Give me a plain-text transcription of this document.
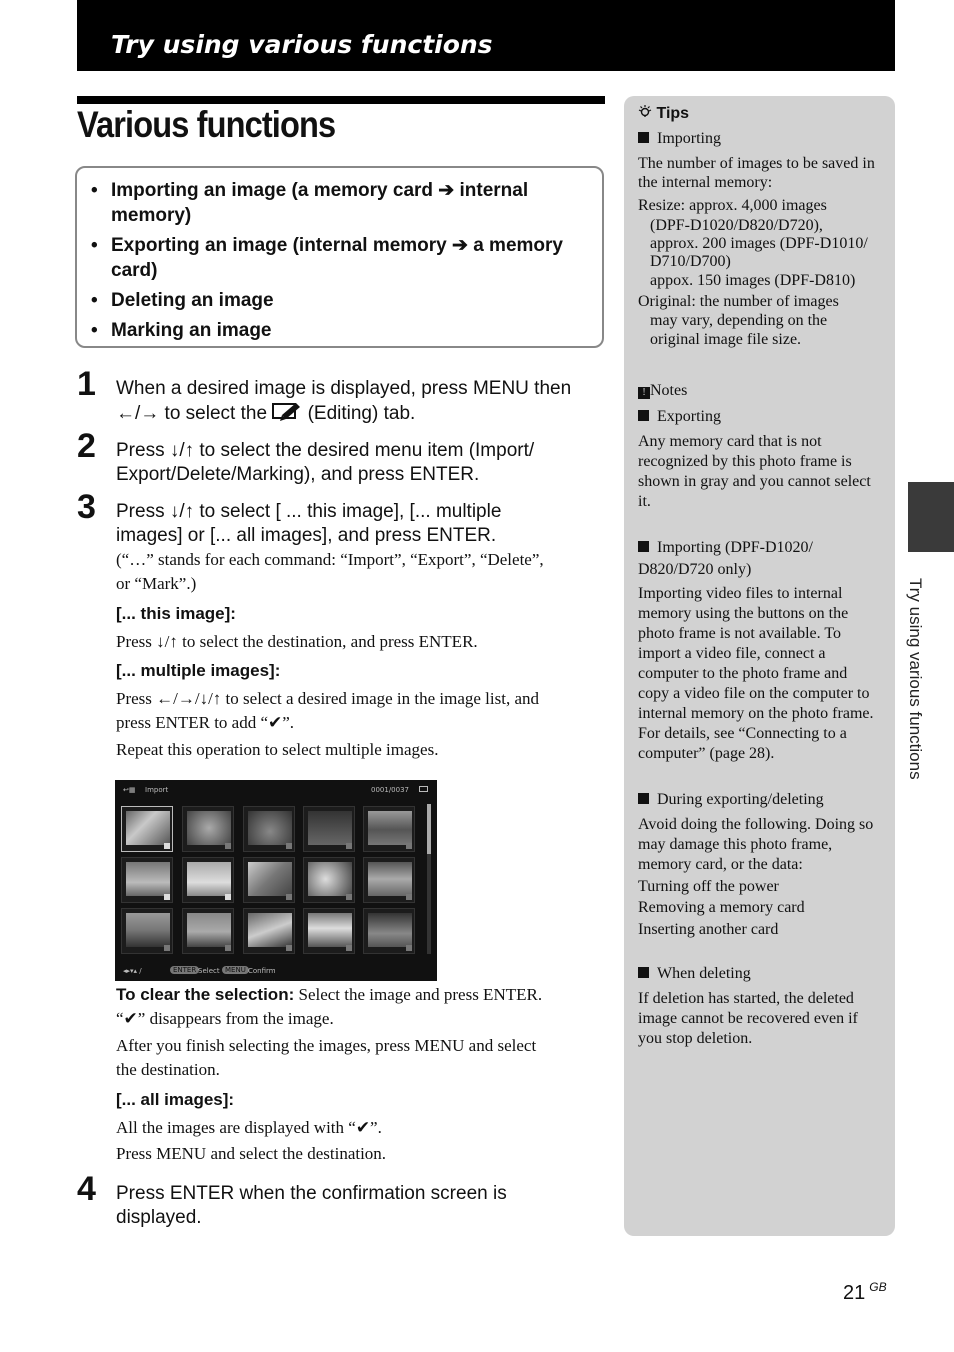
Try using various functions
Various functions
• Importing an image (a memory card ➔ internal memory)
• Exporting an image (internal memory ➔ a memory card)
• Deleting an image
• Marking an image
1 When a desired image is displayed, press MENU then
←/→ to select the (Editing) tab.
2 Press ↓/↑ to select the desired menu item (Import/
Export/Delete/Marking), and press ENTER.
3 Press ↓/↑ to select [ ... this image], [... multiple
images] or [... all images], and press ENTER.
(“…” stands for each command: “Import”, “Export”, “Delete”,
or “Mark”.)
[... this image]:
Press ↓/↑ to select the destination, and press ENTER.
[... multiple images]:
Press ←/→/↓/↑ to select a desired image in the image list, and
press ENTER to add “✔”.
Repeat this operation to select multiple images.
↩▦ Import	0001/0037
◂▸▾▴ /	ENTER Select MENU Confirm
To clear the selection: Select the image and press ENTER.
“✔” disappears from the image.
After you finish selecting the images, press MENU and select
the destination.
[... all images]:
All the images are displayed with “✔”.
Press MENU and select the destination.
4 Press ENTER when the confirmation screen is
displayed.
Tips
Importing
The number of images to be saved in
the internal memory:
Resize: approx. 4,000 images
(DPF-D1020/D820/D720),
approx. 200 images (DPF-D1010/
D710/D700)
appox. 150 images (DPF-D810)
Original: the number of images
may vary, depending on the
original image file size.
! Notes
Exporting
Any memory card that is not
recognized by this photo frame is
shown in gray and you cannot select
it.
Importing (DPF-D1020/
D820/D720 only)
Importing video files to internal
memory using the buttons on the
photo frame is not available. To
import a video file, connect a
computer to the photo frame and
copy a video file on the computer to
internal memory on the photo frame.
For details, see “Connecting to a
computer” (page 28).
During exporting/deleting
Avoid doing the following. Doing so
may damage this photo frame,
memory card, or the data:
Turning off the power
Removing a memory card
Inserting another card
When deleting
If deletion has started, the deleted
image cannot be recovered even if
you stop deletion.
Try using various functions
21 $^{GB}$
